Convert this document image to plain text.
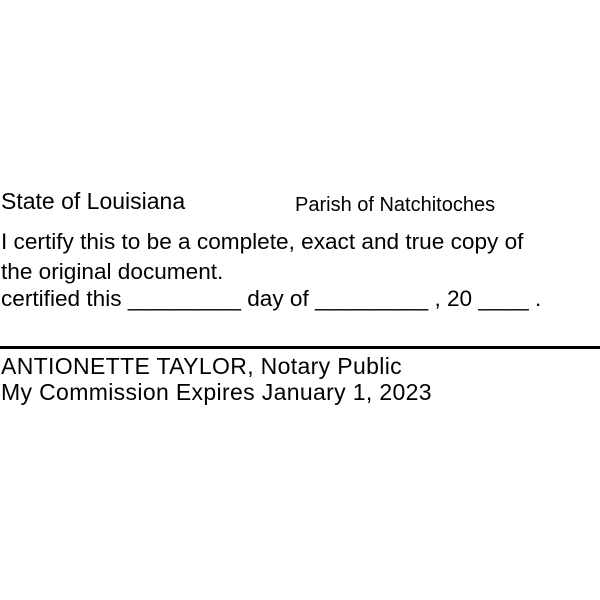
State of Louisiana	Parish of Natchitoches
I certify this to be a complete, exact and true copy of
the original document.
certified this _________ day of _________ , 20 ____ .
ANTIONETTE TAYLOR, Notary Public
My Commission Expires January 1, 2023
